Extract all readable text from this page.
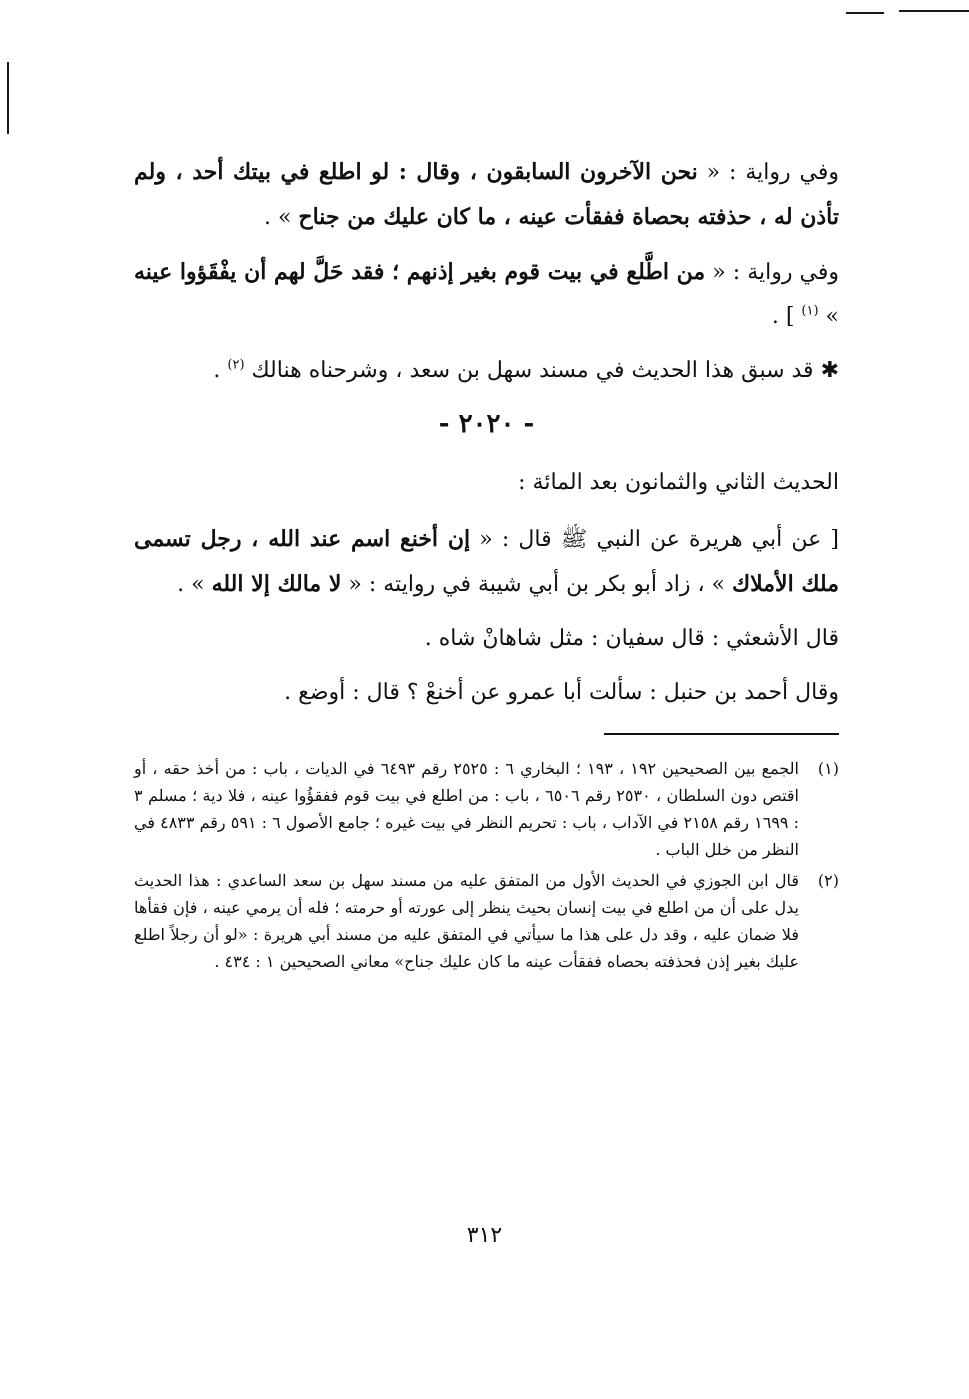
وفي رواية : « نحن الآخرون السابقون ، وقال : لو اطلع في بيتك أحد ، ولم تأذن له ، حذفته بحصاة ففقأت عينه ، ما كان عليك من جناح » .

وفي رواية : « من اطَّلع في بيت قوم بغير إذنهم ؛ فقد حَلَّ لهم أن يفْقَؤوا عينه » $^{(١)}$ ] .

✱ قد سبق هذا الحديث في مسند سهل بن سعد ، وشرحناه هنالك $^{(٢)}$ .

- ٢٠٢٠ -

الحديث الثاني والثمانون بعد المائة :

[ عن أبي هريرة عن النبي ﷺ قال : « إن أخنع اسم عند الله ، رجل تسمى ملك الأملاك » ، زاد أبو بكر بن أبي شيبة في روايته : « لا مالك إلا الله » .

قال الأشعثي : قال سفيان : مثل شاهانْ شاه .

وقال أحمد بن حنبل : سألت أبا عمرو عن أخنعْ ؟ قال : أوضع .

(١)
الجمع بين الصحيحين ١٩٢ ، ١٩٣ ؛ البخاري ٦ : ٢٥٢٥ رقم ٦٤٩٣ في الديات ، باب : من أخذ حقه ، أو اقتص دون السلطان ، ٢٥٣٠ رقم ٦٥٠٦ ، باب : من اطلع في بيت قوم ففقؤُوا عينه ، فلا دية ؛ مسلم ٣ : ١٦٩٩ رقم ٢١٥٨ في الآداب ، باب : تحريم النظر في بيت غيره ؛ جامع الأصول ٦ : ٥٩١ رقم ٤٨٣٣ في النظر من خلل الباب .
(٢)
قال ابن الجوزي في الحديث الأول من المتفق عليه من مسند سهل بن سعد الساعدي : هذا الحديث يدل على أن من اطلع في بيت إنسان بحيث ينظر إلى عورته أو حرمته ؛ فله أن يرمي عينه ، فإن فقأها فلا ضمان عليه ، وقد دل على هذا ما سيأتي في المتفق عليه من مسند أبي هريرة : «لو أن رجلاً اطلع عليك بغير إذن فحذفته بحصاه ففقأت عينه ما كان عليك جناح» معاني الصحيحين ١ : ٤٣٤ .
٣١٢
